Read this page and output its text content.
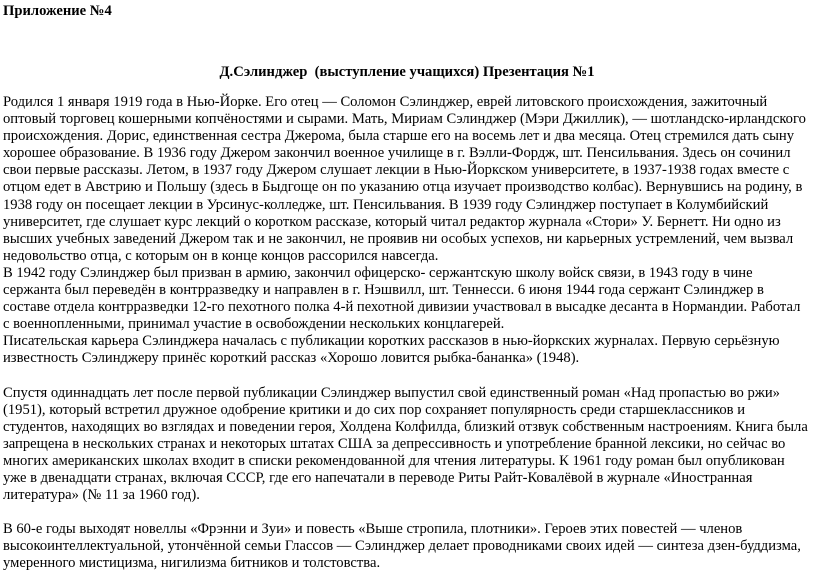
Приложение №4

Д.Сэлинджер  (выступление учащихся) Презентация №1

Родился 1 января 1919 года в Нью-Йорке. Его отец — Соломон Сэлинджер, еврей литовского происхождения, зажиточный оптовый торговец кошерными копчёностями и сырами. Мать, Мириам Сэлинджер (Мэри Джиллик), — шотландско-ирландского происхождения. Дорис, единственная сестра Джерома, была старше его на восемь лет и два месяца. Отец стремился дать сыну хорошее образование. В 1936 году Джером закончил военное училище в г. Вэлли-Фордж, шт. Пенсильвания. Здесь он сочинил свои первые рассказы. Летом, в 1937 году Джером слушает лекции в Нью-Йоркском университете, в 1937-1938 годах вместе с отцом едет в Австрию и Польшу (здесь в Быдгоще он по указанию отца изучает производство колбас). Вернувшись на родину, в 1938 году он посещает лекции в Урсинус-колледже, шт. Пенсильвания. В 1939 году Сэлинджер поступает в Колумбийский университет, где слушает курс лекций о коротком рассказе, который читал редактор журнала «Стори» У. Бернетт. Ни одно из высших учебных заведений Джером так и не закончил, не проявив ни особых успехов, ни карьерных устремлений, чем вызвал недовольство отца, с которым он в конце концов рассорился навсегда.

В 1942 году Сэлинджер был призван в армию, закончил офицерско- сержантскую школу войск связи, в 1943 году в чине сержанта был переведён в контрразведку и направлен в г. Нэшвилл, шт. Теннесси. 6 июня 1944 года сержант Сэлинджер в составе отдела контрразведки 12-го пехотного полка 4-й пехотной дивизии участвовал в высадке десанта в Нормандии. Работал с военнопленными, принимал участие в освобождении нескольких концлагерей.

Писательская карьера Сэлинджера началась с публикации коротких рассказов в нью-йоркских журналах. Первую серьёзную известность Сэлинджеру принёс короткий рассказ «Хорошо ловится рыбка-бананка» (1948).

Спустя одиннадцать лет после первой публикации Сэлинджер выпустил свой единственный роман «Над пропастью во ржи» (1951), который встретил дружное одобрение критики и до сих пор сохраняет популярность среди старшеклассников и студентов, находящих во взглядах и поведении героя, Холдена Колфилда, близкий отзвук собственным настроениям. Книга была запрещена в нескольких странах и некоторых штатах США за депрессивность и употребление бранной лексики, но сейчас во многих американских школах входит в списки рекомендованной для чтения литературы. К 1961 году роман был опубликован уже в двенадцати странах, включая СССР, где его напечатали в переводе Риты Райт-Ковалёвой в журнале «Иностранная литература» (№ 11 за 1960 год).

В 60-е годы выходят новеллы «Фрэнни и Зуи» и повесть «Выше стропила, плотники». Героев этих повестей — членов высокоинтеллектуальной, утончённой семьи Глассов — Сэлинджер делает проводниками своих идей — синтеза дзен-буддизма, умеренного мистицизма, нигилизма битников и толстовства.
